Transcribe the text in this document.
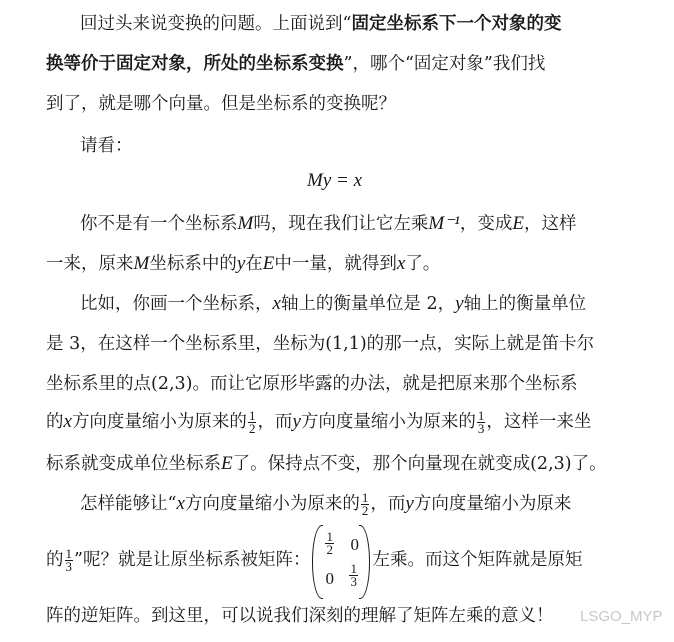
回过头来说变换的问题。上面说到“固定坐标系下一个对象的变
换等价于固定对象，所处的坐标系变换”，哪个“固定对象”我们找
到了，就是哪个向量。但是坐标系的变换呢？
请看：
My = x
你不是有一个坐标系M吗，现在我们让它左乘M⁻¹，变成E，这样
一来，原来M坐标系中的y在E中一量，就得到x了。
比如，你画一个坐标系，x轴上的衡量单位是 2，y轴上的衡量单位
是 3，在这样一个坐标系里，坐标为(1,1)的那一点，实际上就是笛卡尔
坐标系里的点(2,3)。而让它原形毕露的办法，就是把原来那个坐标系
的x方向度量缩小为原来的 $\frac{1}{2}$ ，而y方向度量缩小为原来的 $\frac{1}{3}$ ，这样一来坐
标系就变成单位坐标系E了。保持点不变，那个向量现在就变成(2,3)了。
怎样能够让“x方向度量缩小为原来的 $\frac{1}{2}$ ，而y方向度量缩小为原来
的 $\frac{1}{3}$ ”呢？就是让原坐标系被矩阵：
$\frac{1}{2} 0$
$0 \frac{1}{3}$
左乘。而这个矩阵就是原矩
阵的逆矩阵。到这里，可以说我们深刻的理解了矩阵左乘的意义！ LSGO_MYP
